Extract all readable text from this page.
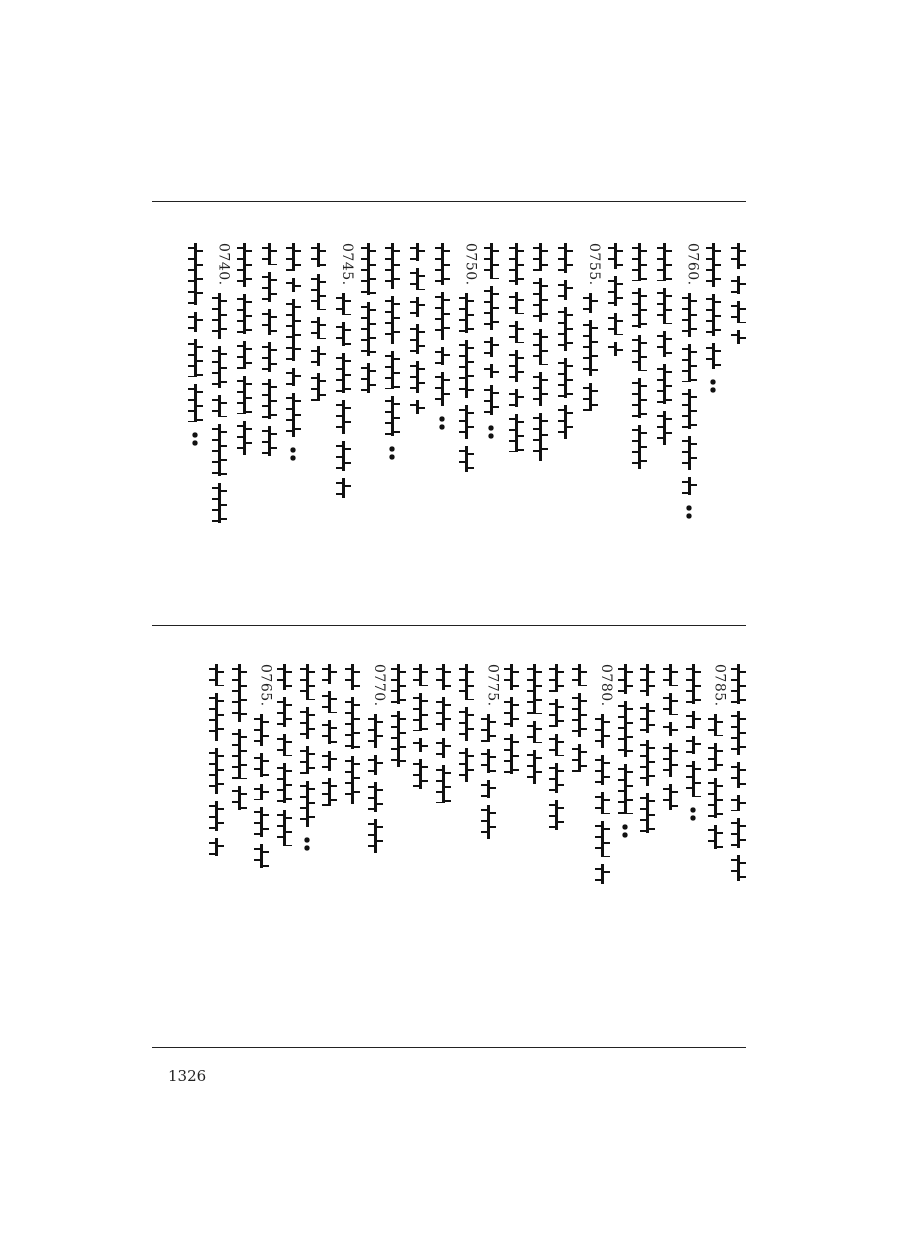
0760.
0755.
0750.
0745.
0740.
0785.
0780.
0775.
0770.
0765.
1326
